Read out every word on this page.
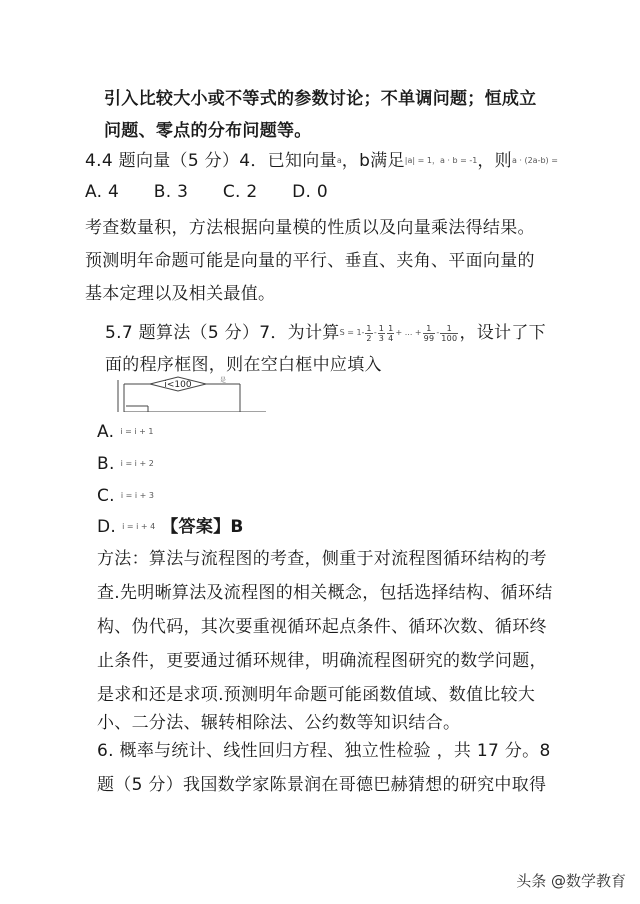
引入比较大小或不等式的参数讨论；不单调问题；恒成立
问题、零点的分布问题等。
4.4 题向量（5 分）4．已知向量a，b满足|a| = 1，a · b = -1，则a · (2a-b) =
A. 4　　B. 3　　C. 2　　D. 0
考查数量积，方法根据向量模的性质以及向量乘法得结果。
预测明年命题可能是向量的平行、垂直、夹角、平面向量的
基本定理以及相关最值。
5.7 题算法（5 分）7．为计算$S = 1- \frac{1}{2} - \frac{1}{3} \frac{1}{4}$ + ... + $\frac{1}{99} - \frac{1}{100}$ ，设计了下
面的程序框图，则在空白框中应填入
i<100	是
A. i = i + 1
B. i = i + 2
C. i = i + 3
D. i = i + 4 【答案】B
方法：算法与流程图的考查，侧重于对流程图循环结构的考
查.先明晰算法及流程图的相关概念，包括选择结构、循环结
构、伪代码，其次要重视循环起点条件、循环次数、循环终
止条件，更要通过循环规律，明确流程图研究的数学问题，
是求和还是求项.预测明年命题可能函数值域、数值比较大
小、二分法、辗转相除法、公约数等知识结合。
6. 概率与统计、线性回归方程、独立性检验 ，共 17 分。8
题（5 分）我国数学家陈景润在哥德巴赫猜想的研究中取得
头条 @数学教育
